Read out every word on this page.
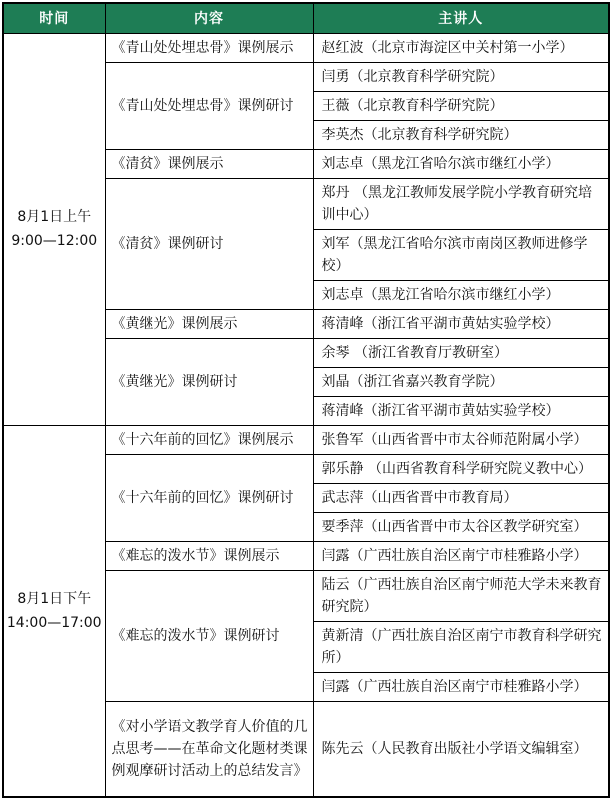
时间	内容	主讲人

8月1日上午
9:00—12:00	《青山处处埋忠骨》课例展示	赵红波（北京市海淀区中关村第一小学）
	《青山处处埋忠骨》课例研讨	闫勇（北京教育科学研究院）
		王薇（北京教育科学研究院）
		李英杰（北京教育科学研究院）
	《清贫》课例展示	刘志卓（黑龙江省哈尔滨市继红小学）
	《清贫》课例研讨	郑丹 （黑龙江教师发展学院小学教育研究培训中心）
		刘军（黑龙江省哈尔滨市南岗区教师进修学校）
		刘志卓（黑龙江省哈尔滨市继红小学）
	《黄继光》课例展示	蒋清峰（浙江省平湖市黄姑实验学校）
	《黄继光》课例研讨	余琴 （浙江省教育厅教研室）
		刘晶（浙江省嘉兴教育学院）
		蒋清峰（浙江省平湖市黄姑实验学校）

8月1日下午
14:00—17:00	《十六年前的回忆》课例展示	张鲁军（山西省晋中市太谷师范附属小学）
	《十六年前的回忆》课例研讨	郭乐静 （山西省教育科学研究院义教中心）
		武志萍（山西省晋中市教育局）
		要季萍（山西省晋中市太谷区教学研究室）
	《难忘的泼水节》课例展示	闫露（广西壮族自治区南宁市桂雅路小学）
	《难忘的泼水节》课例研讨	陆云（广西壮族自治区南宁师范大学未来教育研究院）
		黄新清（广西壮族自治区南宁市教育科学研究所）
		闫露（广西壮族自治区南宁市桂雅路小学）
	《对小学语文教学育人价值的几点思考——在革命文化题材类课例观摩研讨活动上的总结发言》	陈先云（人民教育出版社小学语文编辑室）
